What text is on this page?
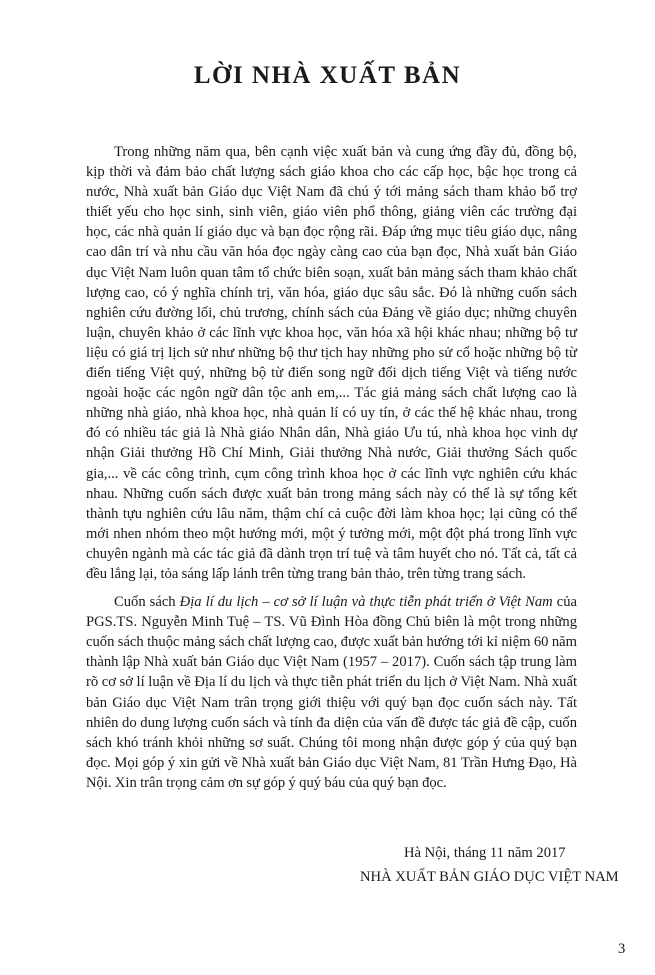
LỜI NHÀ XUẤT BẢN

Trong những năm qua, bên cạnh việc xuất bản và cung ứng đầy đủ, đồng bộ, kịp thời và đảm bảo chất lượng sách giáo khoa cho các cấp học, bậc học trong cả nước, Nhà xuất bản Giáo dục Việt Nam đã chú ý tới mảng sách tham khảo bổ trợ thiết yếu cho học sinh, sinh viên, giáo viên phổ thông, giảng viên các trường đại học, các nhà quản lí giáo dục và bạn đọc rộng rãi. Đáp ứng mục tiêu giáo dục, nâng cao dân trí và nhu cầu văn hóa đọc ngày càng cao của bạn đọc, Nhà xuất bản Giáo dục Việt Nam luôn quan tâm tổ chức biên soạn, xuất bản mảng sách tham khảo chất lượng cao, có ý nghĩa chính trị, văn hóa, giáo dục sâu sắc. Đó là những cuốn sách nghiên cứu đường lối, chủ trương, chính sách của Đảng về giáo dục; những chuyên luận, chuyên khảo ở các lĩnh vực khoa học, văn hóa xã hội khác nhau; những bộ tư liệu có giá trị lịch sử như những bộ thư tịch hay những pho sử cổ hoặc những bộ từ điển tiếng Việt quý, những bộ từ điển song ngữ đối dịch tiếng Việt và tiếng nước ngoài hoặc các ngôn ngữ dân tộc anh em,... Tác giả mảng sách chất lượng cao là những nhà giáo, nhà khoa học, nhà quản lí có uy tín, ở các thế hệ khác nhau, trong đó có nhiều tác giả là Nhà giáo Nhân dân, Nhà giáo Ưu tú, nhà khoa học vinh dự nhận Giải thưởng Hồ Chí Minh, Giải thưởng Nhà nước, Giải thưởng Sách quốc gia,... về các công trình, cụm công trình khoa học ở các lĩnh vực nghiên cứu khác nhau. Những cuốn sách được xuất bản trong mảng sách này có thể là sự tổng kết thành tựu nghiên cứu lâu năm, thậm chí cả cuộc đời làm khoa học; lại cũng có thể mới nhen nhóm theo một hướng mới, một ý tưởng mới, một đột phá trong lĩnh vực chuyên ngành mà các tác giả đã dành trọn trí tuệ và tâm huyết cho nó. Tất cả, tất cả đều lắng lại, tỏa sáng lấp lánh trên từng trang bản thảo, trên từng trang sách.

Cuốn sách Địa lí du lịch – cơ sở lí luận và thực tiễn phát triển ở Việt Nam của PGS.TS. Nguyễn Minh Tuệ – TS. Vũ Đình Hòa đồng Chủ biên là một trong những cuốn sách thuộc mảng sách chất lượng cao, được xuất bản hướng tới kỉ niệm 60 năm thành lập Nhà xuất bản Giáo dục Việt Nam (1957 – 2017). Cuốn sách tập trung làm rõ cơ sở lí luận về Địa lí du lịch và thực tiễn phát triển du lịch ở Việt Nam. Nhà xuất bản Giáo dục Việt Nam trân trọng giới thiệu với quý bạn đọc cuốn sách này. Tất nhiên do dung lượng cuốn sách và tính đa diện của vấn đề được tác giả đề cập, cuốn sách khó tránh khỏi những sơ suất. Chúng tôi mong nhận được góp ý của quý bạn đọc. Mọi góp ý xin gửi về Nhà xuất bản Giáo dục Việt Nam, 81 Trần Hưng Đạo, Hà Nội. Xin trân trọng cảm ơn sự góp ý quý báu của quý bạn đọc.

Hà Nội, tháng 11 năm 2017
NHÀ XUẤT BẢN GIÁO DỤC VIỆT NAM
3
